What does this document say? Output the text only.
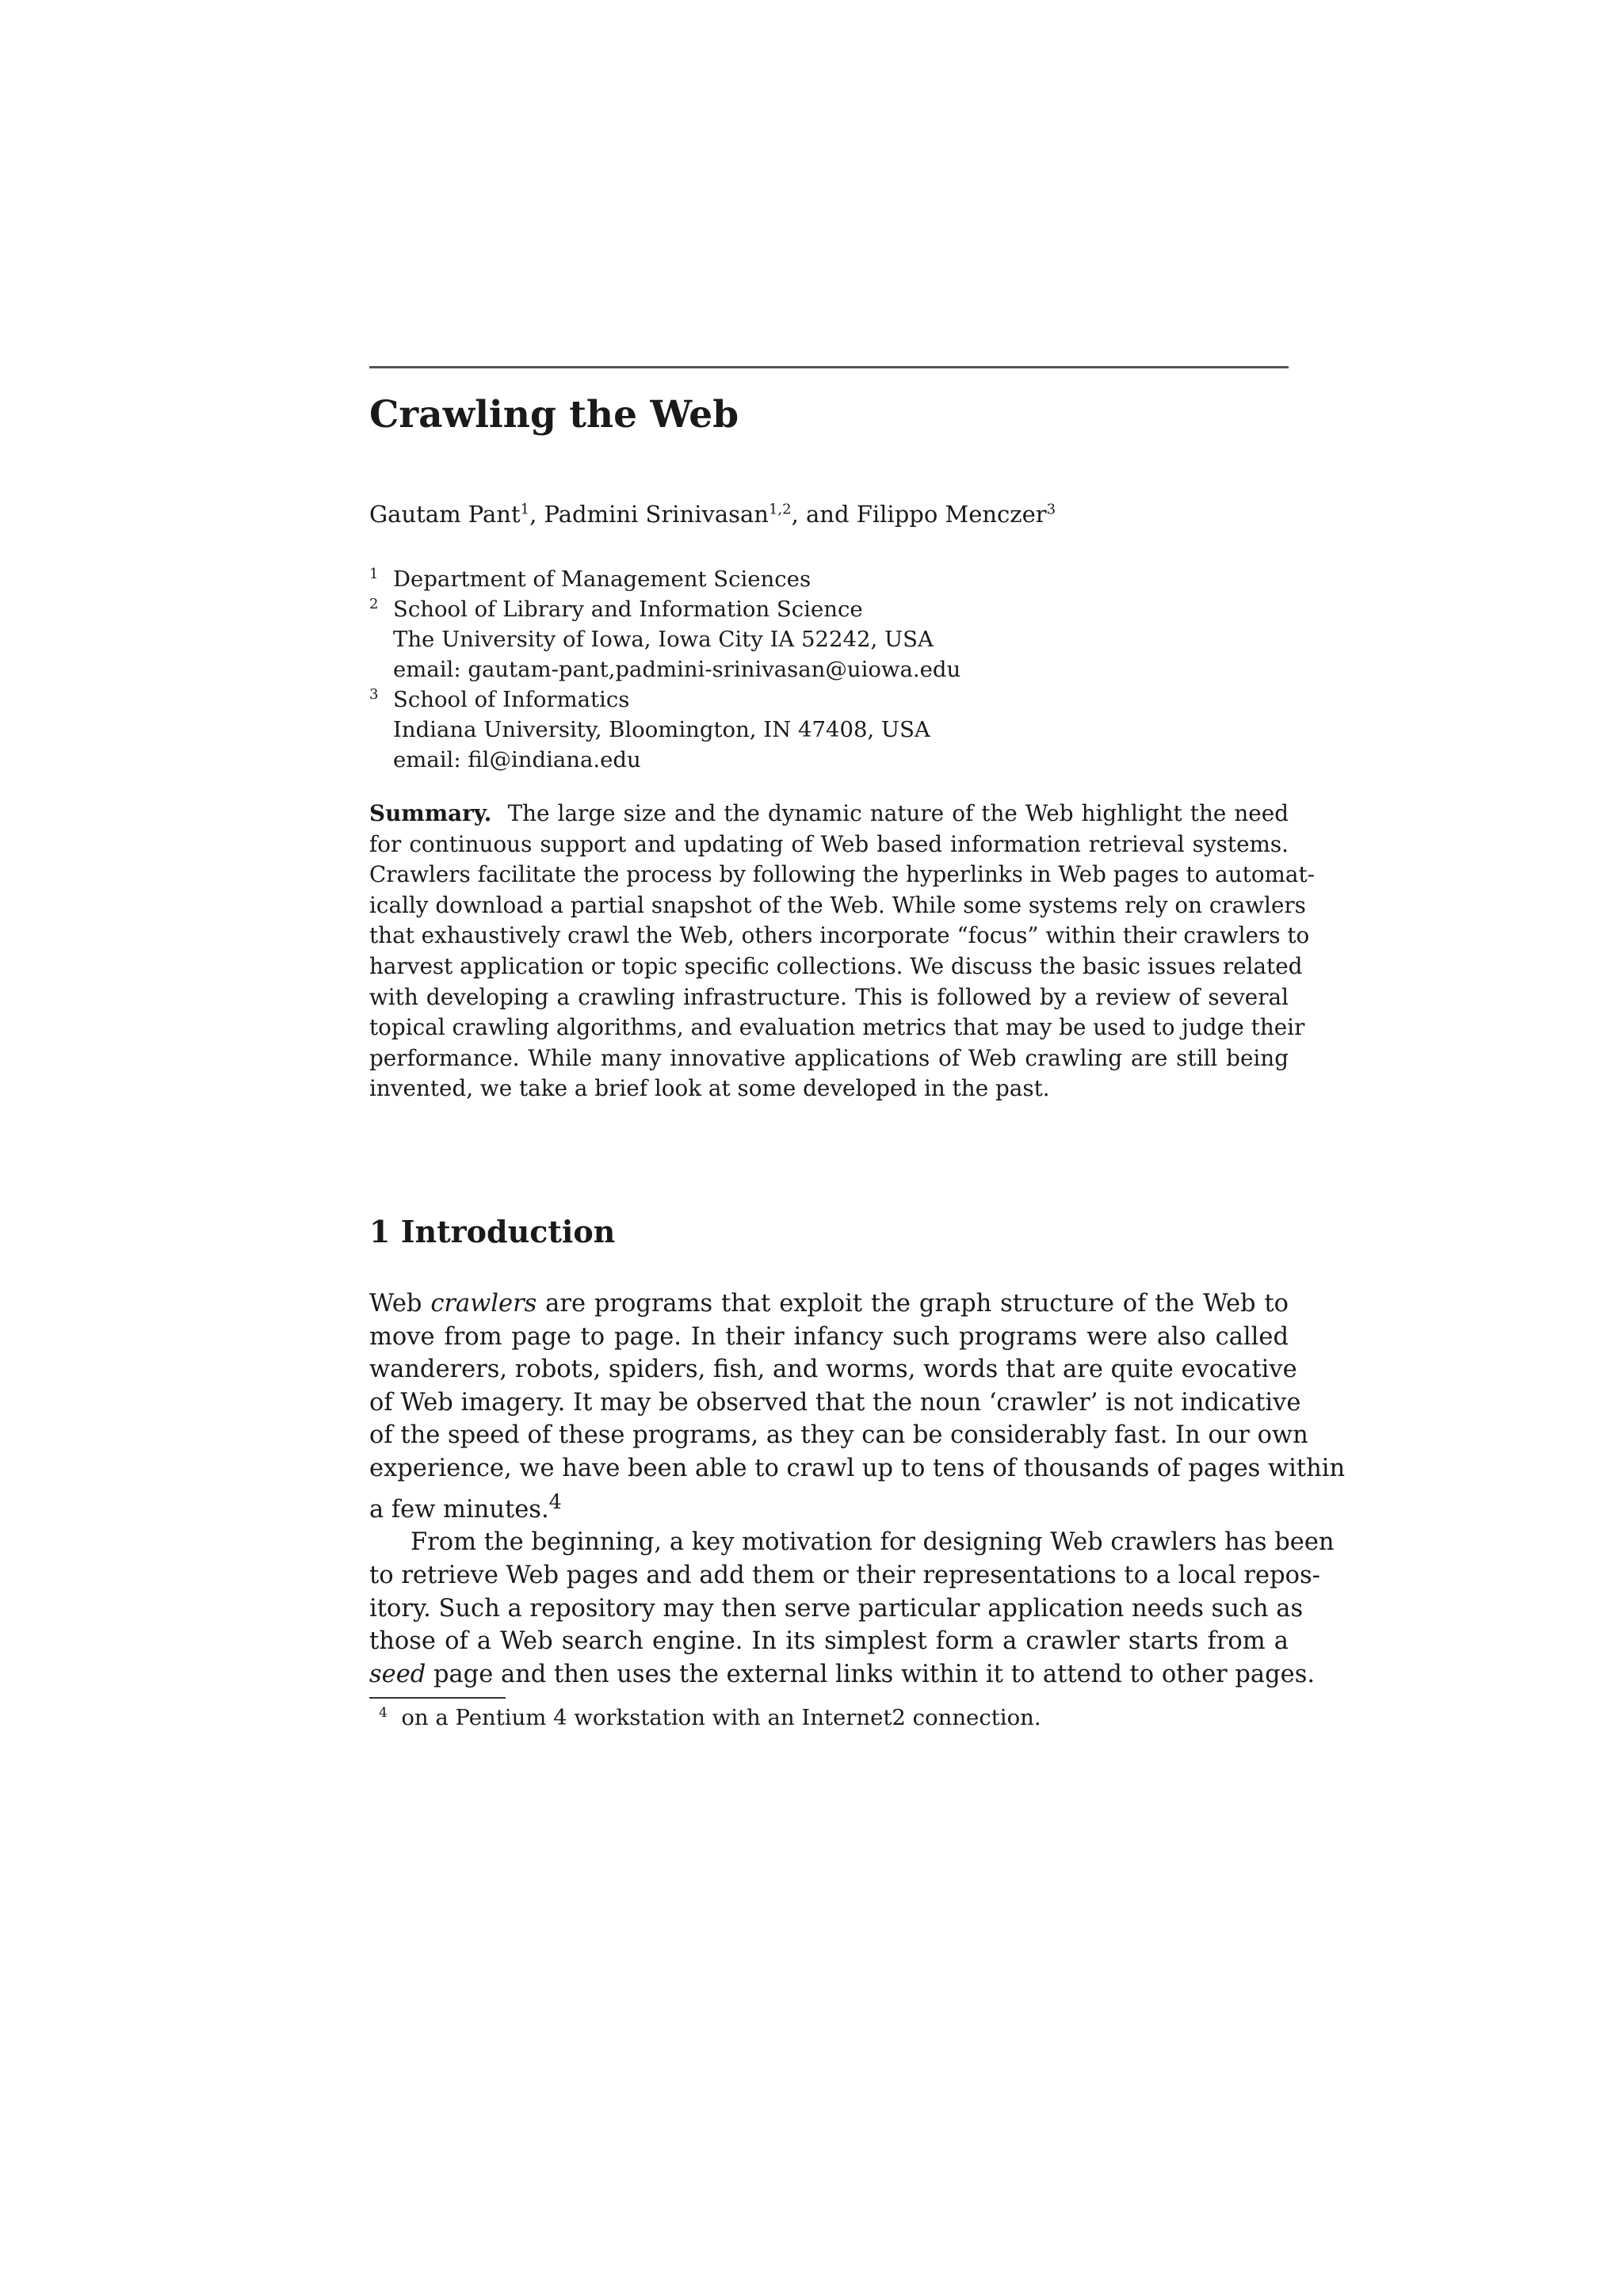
Crawling the Web
Gautam Pant$^1$, Padmini Srinivasan$^{1,2}$, and Filippo Menczer$^3$
1 Department of Management Sciences
2 School of Library and Information Science
The University of Iowa, Iowa City IA 52242, USA
email: gautam-pant,padmini-srinivasan@uiowa.edu
3 School of Informatics
Indiana University, Bloomington, IN 47408, USA
email: fil@indiana.edu
Summary. The large size and the dynamic nature of the Web highlight the need
for continuous support and updating of Web based information retrieval systems.
Crawlers facilitate the process by following the hyperlinks in Web pages to automat-
ically download a partial snapshot of the Web. While some systems rely on crawlers
that exhaustively crawl the Web, others incorporate “focus” within their crawlers to
harvest application or topic specific collections. We discuss the basic issues related
with developing a crawling infrastructure. This is followed by a review of several
topical crawling algorithms, and evaluation metrics that may be used to judge their
performance. While many innovative applications of Web crawling are still being
invented, we take a brief look at some developed in the past.
1 Introduction
Web crawlers are programs that exploit the graph structure of the Web to
move from page to page. In their infancy such programs were also called
wanderers, robots, spiders, fish, and worms, words that are quite evocative
of Web imagery. It may be observed that the noun ‘crawler’ is not indicative
of the speed of these programs, as they can be considerably fast. In our own
experience, we have been able to crawl up to tens of thousands of pages within
a few minutes.$^4$
From the beginning, a key motivation for designing Web crawlers has been
to retrieve Web pages and add them or their representations to a local repos-
itory. Such a repository may then serve particular application needs such as
those of a Web search engine. In its simplest form a crawler starts from a
seed page and then uses the external links within it to attend to other pages.
$^4$ on a Pentium 4 workstation with an Internet2 connection.
